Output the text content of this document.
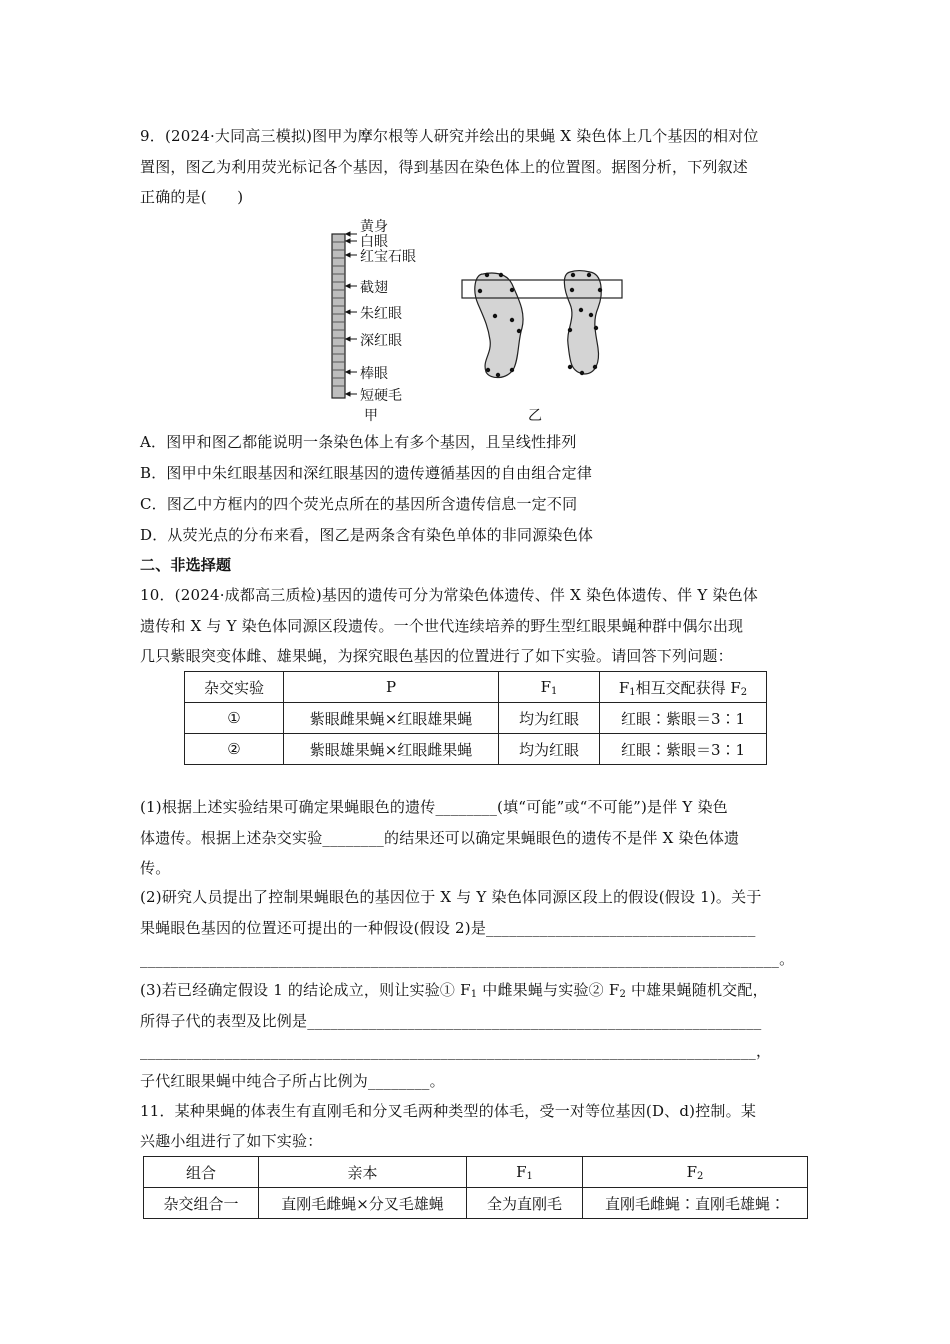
9．(2024·大同高三模拟)图甲为摩尔根等人研究并绘出的果蝇 X 染色体上几个基因的相对位
置图，图乙为利用荧光标记各个基因，得到基因在染色体上的位置图。据图分析，下列叙述
正确的是(　　)
黄身
白眼
红宝石眼
截翅
朱红眼
深红眼
棒眼
短硬毛
甲	乙
A．图甲和图乙都能说明一条染色体上有多个基因，且呈线性排列
B．图甲中朱红眼基因和深红眼基因的遗传遵循基因的自由组合定律
C．图乙中方框内的四个荧光点所在的基因所含遗传信息一定不同
D．从荧光点的分布来看，图乙是两条含有染色单体的非同源染色体
二、非选择题
10．(2024·成都高三质检)基因的遗传可分为常染色体遗传、伴 X 染色体遗传、伴 Y 染色体
遗传和 X 与 Y 染色体同源区段遗传。一个世代连续培养的野生型红眼果蝇种群中偶尔出现
几只紫眼突变体雌、雄果蝇，为探究眼色基因的位置进行了如下实验。请回答下列问题：
杂交实验	P	$F_1$	$F_1$相互交配获得 $F_2$
①	紫眼雌果蝇×红眼雄果蝇	均为红眼	红眼∶紫眼＝3∶1
②	紫眼雄果蝇×红眼雌果蝇	均为红眼	红眼∶紫眼＝3∶1
(1)根据上述实验结果可确定果蝇眼色的遗传________(填“可能”或“不可能”)是伴 Y 染色
体遗传。根据上述杂交实验________的结果还可以确定果蝇眼色的遗传不是伴 X 染色体遗
传。
(2)研究人员提出了控制果蝇眼色的基因位于 X 与 Y 染色体同源区段上的假设(假设 1)。关于
果蝇眼色基因的位置还可提出的一种假设(假设 2)是___________________________________
___________________________________________________________________________________。
(3)若已经确定假设 1 的结论成立，则让实验① $F_1$ 中雌果蝇与实验② $F_2$ 中雄果蝇随机交配，
所得子代的表型及比例是___________________________________________________________
________________________________________________________________________________，
子代红眼果蝇中纯合子所占比例为________。
11．某种果蝇的体表生有直刚毛和分叉毛两种类型的体毛，受一对等位基因(D、d)控制。某
兴趣小组进行了如下实验：
组合	亲本	$F_1$	$F_2$
杂交组合一	直刚毛雌蝇×分叉毛雄蝇	全为直刚毛	直刚毛雌蝇∶直刚毛雄蝇∶
